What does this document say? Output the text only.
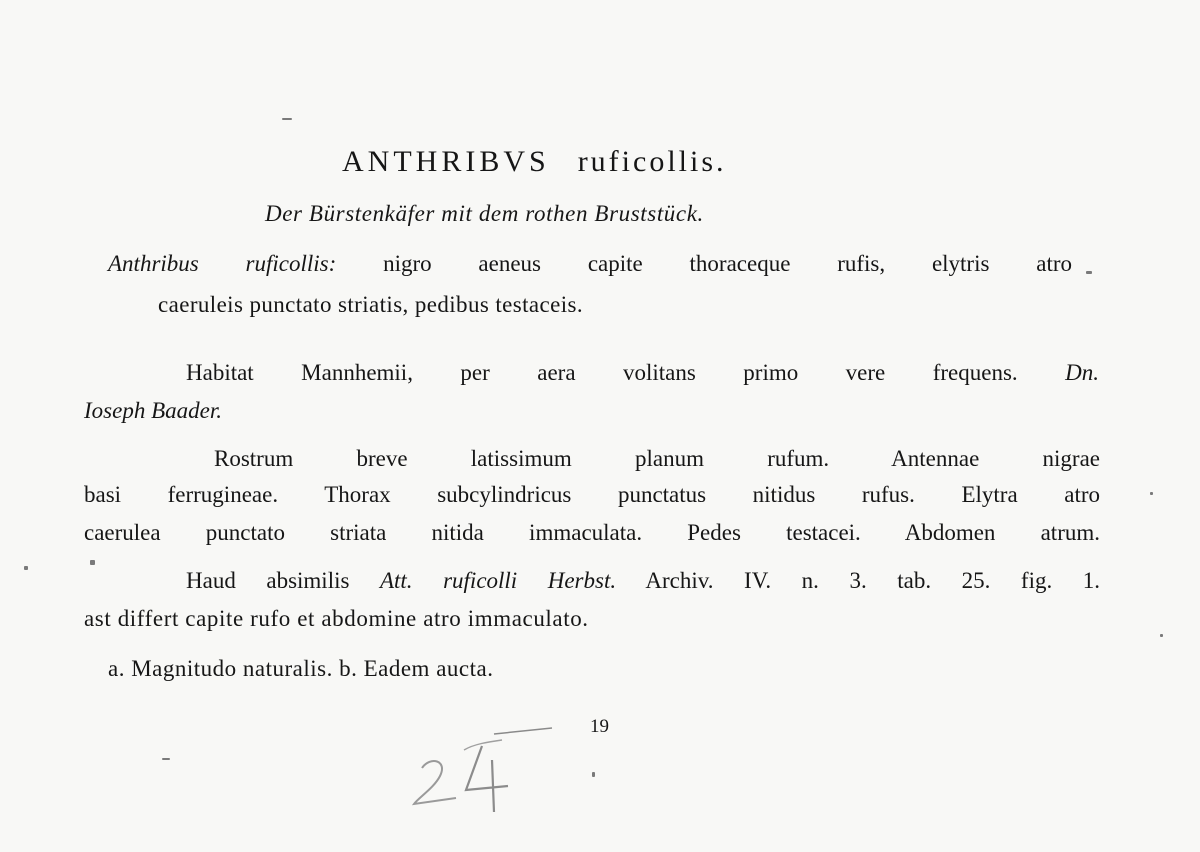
ANTHRIBVS ruficollis.
Der Bürstenkäfer mit dem rothen Bruststück.
Anthribus ruficollis: nigro aeneus capite thoraceque rufis, elytris atro
caeruleis punctato striatis, pedibus testaceis.
Habitat Mannhemii, per aera volitans primo vere frequens. Dn.
Ioseph Baader.
Rostrum breve latissimum planum rufum. Antennae nigrae
basi ferrugineae. Thorax subcylindricus punctatus nitidus rufus. Elytra atro
caerulea punctato striata nitida immaculata. Pedes testacei. Abdomen atrum.
Haud absimilis Att. ruficolli Herbst. Archiv. IV. n. 3. tab. 25. fig. 1.
ast differt capite rufo et abdomine atro immaculato.
a. Magnitudo naturalis. b. Eadem aucta.
19
